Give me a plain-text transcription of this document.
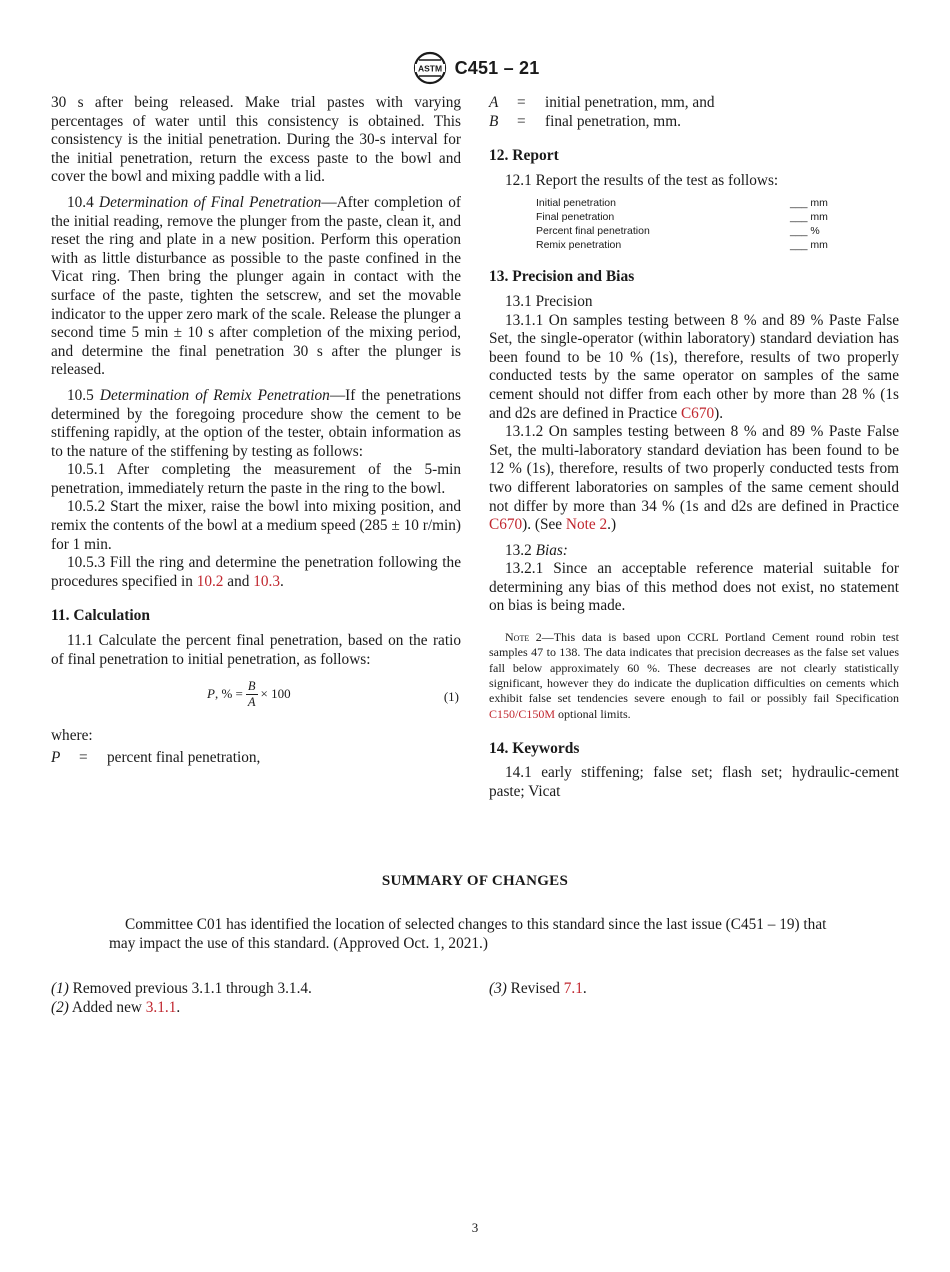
ASTM C451 – 21

30 s after being released. Make trial pastes with varying percentages of water until this consistency is obtained. This consistency is the initial penetration. During the 30-s interval for the initial penetration, return the excess paste to the bowl and cover the bowl and mixing paddle with a lid.

10.4 Determination of Final Penetration—After completion of the initial reading, remove the plunger from the paste, clean it, and reset the ring and plate in a new position. Perform this operation with as little disturbance as possible to the paste confined in the Vicat ring. Then bring the plunger again in contact with the surface of the paste, tighten the setscrew, and set the movable indicator to the upper zero mark of the scale. Release the plunger a second time 5 min ± 10 s after completion of the mixing period, and determine the final penetration 30 s after the plunger is released.

10.5 Determination of Remix Penetration—If the penetrations determined by the foregoing procedure show the cement to be stiffening rapidly, at the option of the tester, obtain information as to the nature of the stiffening by testing as follows:

10.5.1 After completing the measurement of the 5-min penetration, immediately return the paste in the ring to the bowl.

10.5.2 Start the mixer, raise the bowl into mixing position, and remix the contents of the bowl at a medium speed (285 ± 10 r/min) for 1 min.

10.5.3 Fill the ring and determine the penetration following the procedures specified in 10.2 and 10.3.

11. Calculation

11.1 Calculate the percent final penetration, based on the ratio of final penetration to initial penetration, as follows:

P , % = $\frac{B}{A} \times 100$	(1)
where:
P	=	percent final penetration,
A	=	initial penetration, mm, and
B	=	final penetration, mm.
12. Report

12.1 Report the results of the test as follows:

Initial penetration	___ mm
Final penetration	___ mm
Percent final penetration	___ %
Remix penetration	___ mm
13. Precision and Bias

13.1 Precision

13.1.1 On samples testing between 8 % and 89 % Paste False Set, the single-operator (within laboratory) standard deviation has been found to be 10 % (1s), therefore, results of two properly conducted tests by the same operator on samples of the same cement should not differ from each other by more than 28 % (1s and d2s are defined in Practice C670).

13.1.2 On samples testing between 8 % and 89 % Paste False Set, the multi-laboratory standard deviation has been found to be 12 % (1s), therefore, results of two properly conducted tests from two different laboratories on samples of the same cement should not differ by more than 34 % (1s and d2s are defined in Practice C670). (See Note 2.)

13.2 Bias:

13.2.1 Since an acceptable reference material suitable for determining any bias of this method does not exist, no statement on bias is being made.

Note 2—This data is based upon CCRL Portland Cement round robin test samples 47 to 138. The data indicates that precision decreases as the false set values fall below approximately 60 %. These decreases are not clearly statistically significant, however they do indicate the duplication difficulties on cements which exhibit false set tendencies severe enough to fail or possibly fail Specification C150/C150M optional limits.

14. Keywords

14.1 early stiffening; false set; flash set; hydraulic-cement paste; Vicat

SUMMARY OF CHANGES
Committee C01 has identified the location of selected changes to this standard since the last issue (C451 – 19) that may impact the use of this standard. (Approved Oct. 1, 2021.)
(1) Removed previous 3.1.1 through 3.1.4.
(2) Added new 3.1.1.
(3) Revised 7.1.
3
